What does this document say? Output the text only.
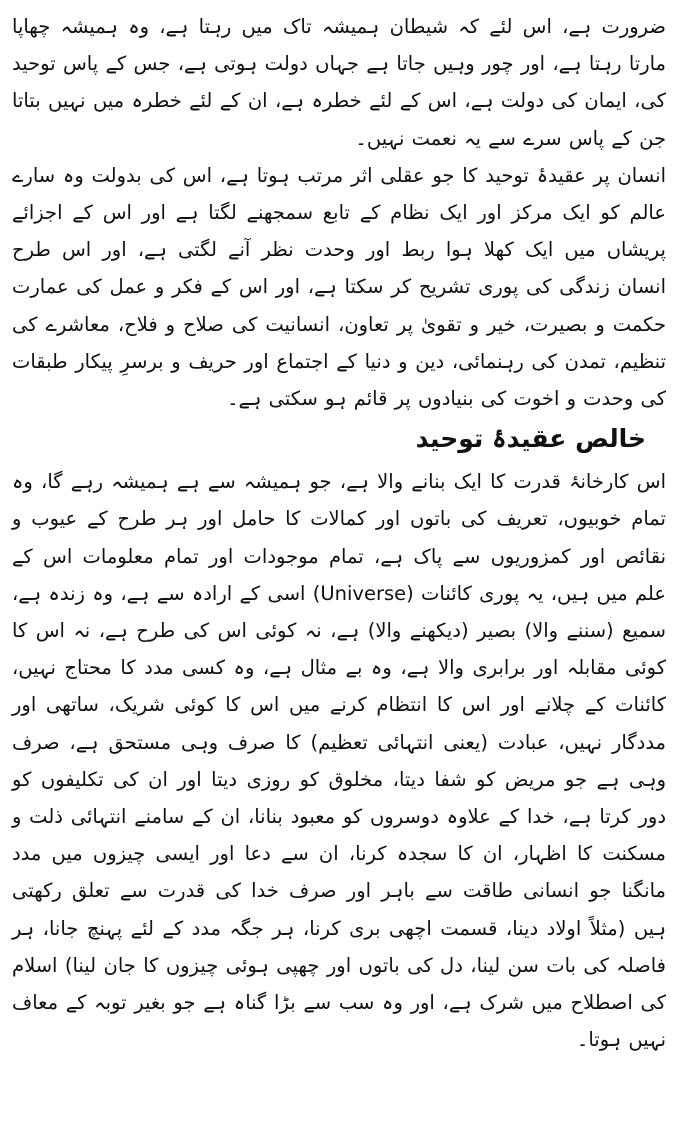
ضرورت ہے، اس لئے کہ شیطان ہمیشہ تاک میں رہتا ہے، وہ ہمیشہ چھاپا مارتا رہتا ہے، اور چور وہیں جاتا ہے جہاں دولت ہوتی ہے، جس کے پاس توحید کی، ایمان کی دولت ہے، اس کے لئے خطرہ ہے، ان کے لئے خطرہ میں نہیں بتاتا جن کے پاس سرے سے یہ نعمت نہیں۔

انسان پر عقیدۂ توحید کا جو عقلی اثر مرتب ہوتا ہے، اس کی بدولت وہ سارے عالم کو ایک مرکز اور ایک نظام کے تابع سمجھنے لگتا ہے اور اس کے اجزائے پریشاں میں ایک کھلا ہوا ربط اور وحدت نظر آنے لگتی ہے، اور اس طرح انسان زندگی کی پوری تشریح کر سکتا ہے، اور اس کے فکر و عمل کی عمارت حکمت و بصیرت، خیر و تقویٰ پر تعاون، انسانیت کی صلاح و فلاح، معاشرے کی تنظیم، تمدن کی رہنمائی، دین و دنیا کے اجتماع اور حریف و برسرِ پیکار طبقات کی وحدت و اخوت کی بنیادوں پر قائم ہو سکتی ہے۔

خالص عقیدۂ توحید

اس کارخانۂ قدرت کا ایک بنانے والا ہے، جو ہمیشہ سے ہے ہمیشہ رہے گا، وہ تمام خوبیوں، تعریف کی باتوں اور کمالات کا حامل اور ہر طرح کے عیوب و نقائص اور کمزوریوں سے پاک ہے، تمام موجودات اور تمام معلومات اس کے علم میں ہیں، یہ پوری کائنات (Universe) اسی کے ارادہ سے ہے، وہ زندہ ہے، سمیع (سننے والا) بصیر (دیکھنے والا) ہے، نہ کوئی اس کی طرح ہے، نہ اس کا کوئی مقابلہ اور برابری والا ہے، وہ بے مثال ہے، وہ کسی مدد کا محتاج نہیں، کائنات کے چلانے اور اس کا انتظام کرنے میں اس کا کوئی شریک، ساتھی اور مددگار نہیں، عبادت (یعنی انتہائی تعظیم) کا صرف وہی مستحق ہے، صرف وہی ہے جو مریض کو شفا دیتا، مخلوق کو روزی دیتا اور ان کی تکلیفوں کو دور کرتا ہے، خدا کے علاوہ دوسروں کو معبود بنانا، ان کے سامنے انتہائی ذلت و مسکنت کا اظہار، ان کا سجدہ کرنا، ان سے دعا اور ایسی چیزوں میں مدد مانگنا جو انسانی طاقت سے باہر اور صرف خدا کی قدرت سے تعلق رکھتی ہیں (مثلاً اولاد دینا، قسمت اچھی بری کرنا، ہر جگہ مدد کے لئے پہنچ جانا، ہر فاصلہ کی بات سن لینا، دل کی باتوں اور چھپی ہوئی چیزوں کا جان لینا) اسلام کی اصطلاح میں شرک ہے، اور وہ سب سے بڑا گناہ ہے جو بغیر توبہ کے معاف نہیں ہوتا۔
